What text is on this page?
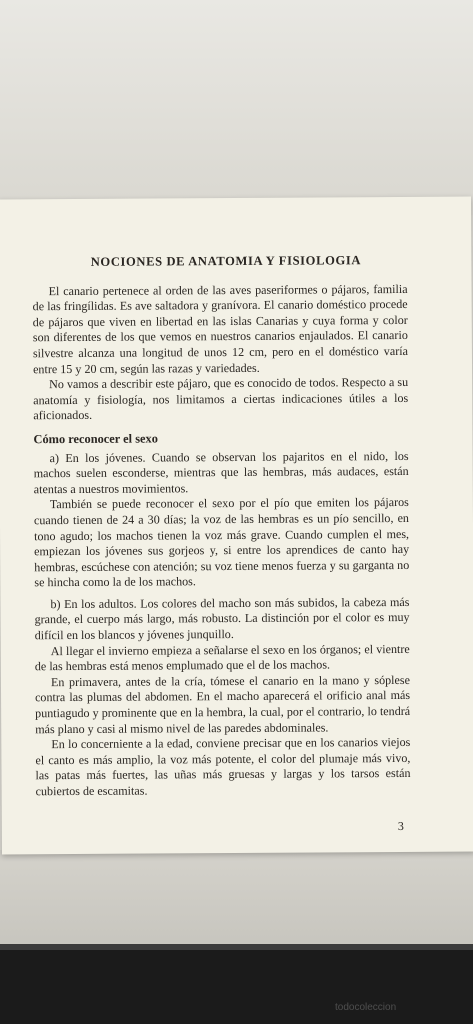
NOCIONES DE ANATOMIA Y FISIOLOGIA

El canario pertenece al orden de las aves paseriformes o pájaros, familia de las fringílidas. Es ave saltadora y granívora. El canario doméstico procede de pájaros que viven en libertad en las islas Canarias y cuya forma y color son diferentes de los que vemos en nuestros canarios enjaulados. El canario silvestre alcanza una longitud de unos 12 cm, pero en el doméstico varía entre 15 y 20 cm, según las razas y variedades.

No vamos a describir este pájaro, que es conocido de todos. Respecto a su anatomía y fisiología, nos limitamos a ciertas indicaciones útiles a los aficionados.

Cómo reconocer el sexo

a) En los jóvenes. Cuando se observan los pajaritos en el nido, los machos suelen esconderse, mientras que las hembras, más audaces, están atentas a nuestros movimientos.

También se puede reconocer el sexo por el pío que emiten los pájaros cuando tienen de 24 a 30 días; la voz de las hembras es un pío sencillo, en tono agudo; los machos tienen la voz más grave. Cuando cumplen el mes, empiezan los jóvenes sus gorjeos y, si entre los aprendices de canto hay hembras, escúchese con atención; su voz tiene menos fuerza y su garganta no se hincha como la de los machos.

b) En los adultos. Los colores del macho son más subidos, la cabeza más grande, el cuerpo más largo, más robusto. La distinción por el color es muy difícil en los blancos y jóvenes junquillo.

Al llegar el invierno empieza a señalarse el sexo en los órganos; el vientre de las hembras está menos emplumado que el de los machos.

En primavera, antes de la cría, tómese el canario en la mano y sóplese contra las plumas del abdomen. En el macho aparecerá el orificio anal más puntiagudo y prominente que en la hembra, la cual, por el contrario, lo tendrá más plano y casi al mismo nivel de las paredes abdominales.

En lo concerniente a la edad, conviene precisar que en los canarios viejos el canto es más amplio, la voz más potente, el color del plumaje más vivo, las patas más fuertes, las uñas más gruesas y largas y los tarsos están cubiertos de escamitas.

3
todocoleccion
